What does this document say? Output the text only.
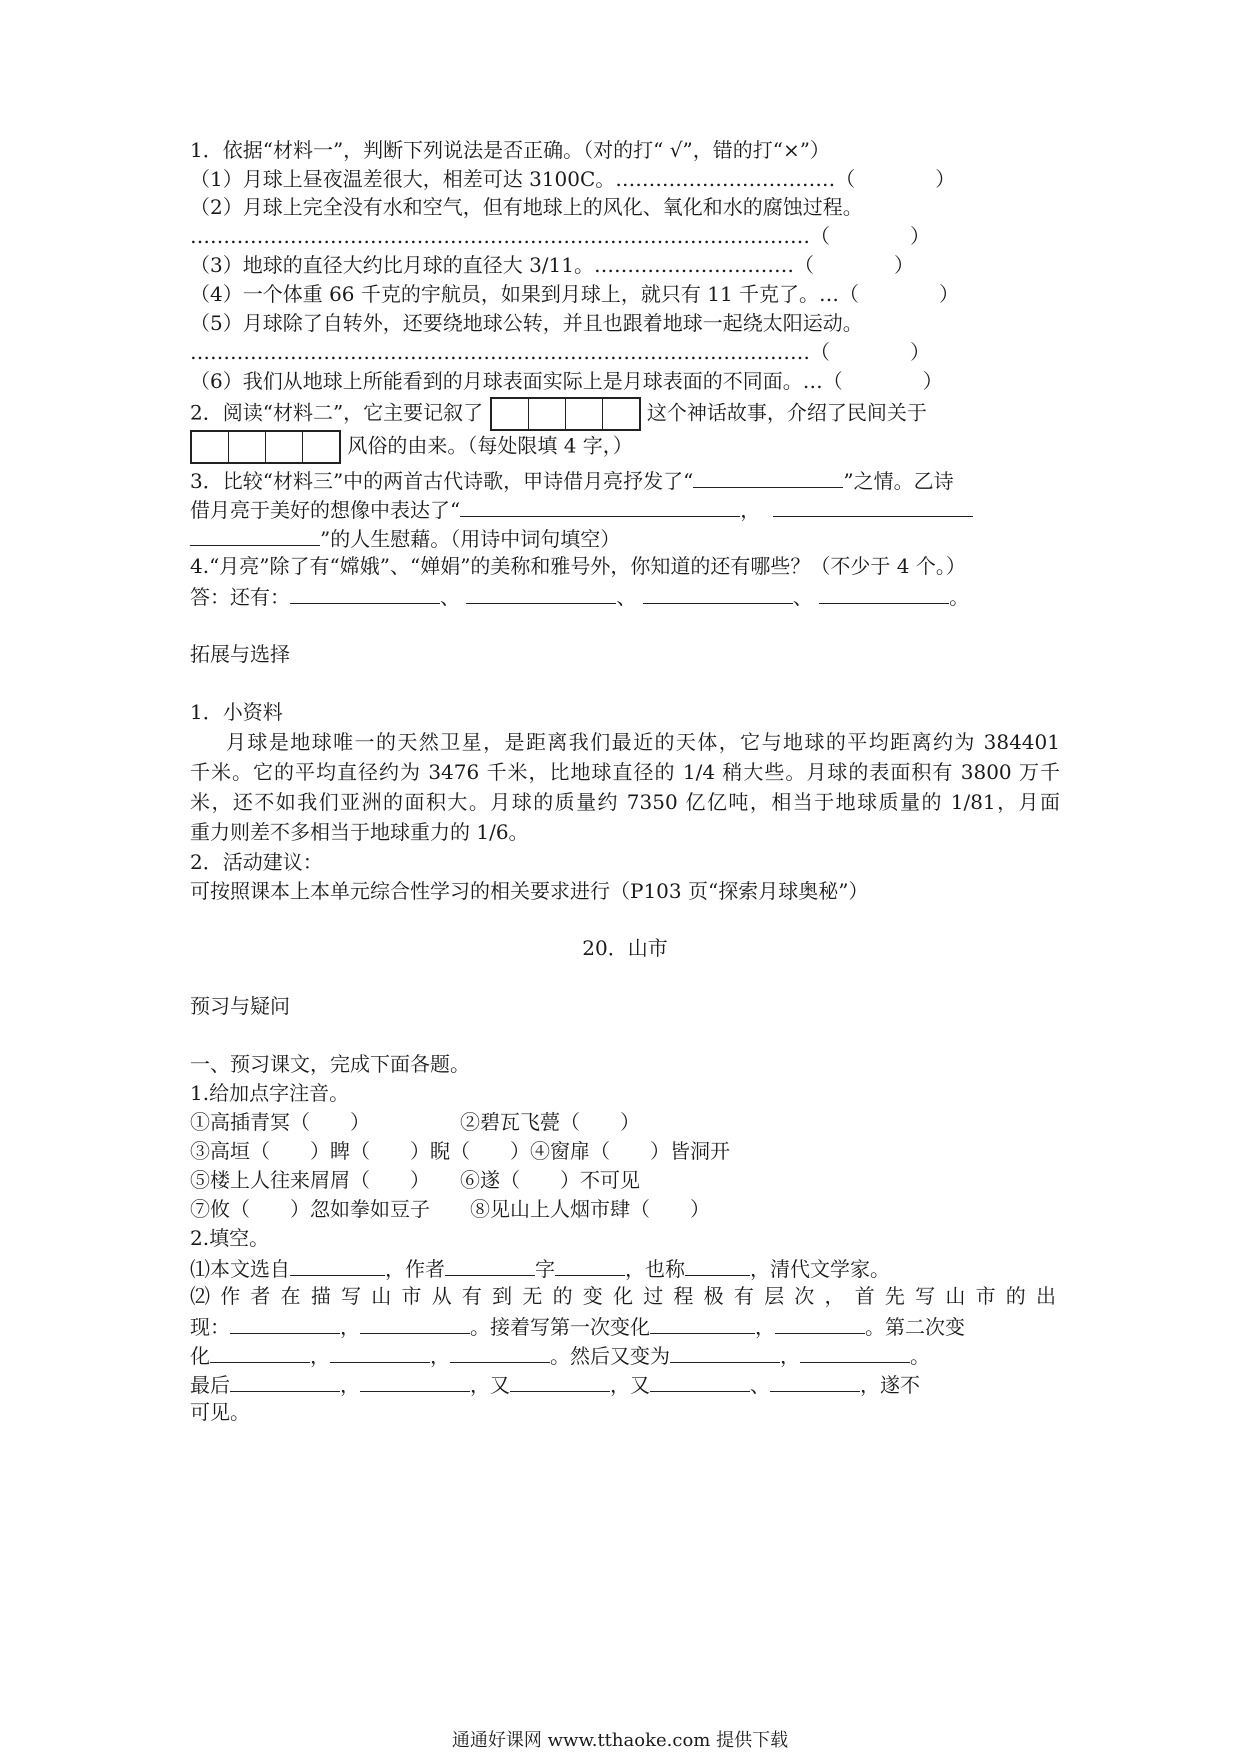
1．依据“材料一”，判断下列说法是否正确。（对的打“ √”，错的打“×”）
（1）月球上昼夜温差很大，相差可达 3100C。……………………………（　　　　）
（2）月球上完全没有水和空气，但有地球上的风化、氧化和水的腐蚀过程。
…………………………………………………………………………………（　　　　）
（3）地球的直径大约比月球的直径大 3/11。…………………………（　　　　）
（4）一个体重 66 千克的宇航员，如果到月球上，就只有 11 千克了。…（　　　　）
（5）月球除了自转外，还要绕地球公转，并且也跟着地球一起绕太阳运动。
…………………………………………………………………………………（　　　　）
（6）我们从地球上所能看到的月球表面实际上是月球表面的不同面。…（　　　　）
2．阅读“材料二”，它主要记叙了	这个神话故事，介绍了民间关于
风俗的由来。（每处限填 4 字，）
3．比较“材料三”中的两首古代诗歌，甲诗借月亮抒发了“	”之情。乙诗
借月亮于美好的想像中表达了“	，
”的人生慰藉。（用诗中词句填空）
4.“月亮”除了有“嫦娥”、“婵娟”的美称和雅号外，你知道的还有哪些？（不少于 4 个。）
答：还有：	、	、	、	。
拓展与选择
1．小资料
月球是地球唯一的天然卫星，是距离我们最近的天体，它与地球的平均距离约为 384401
千米。它的平均直径约为 3476 千米，比地球直径的 1/4 稍大些。月球的表面积有 3800 万千
米，还不如我们亚洲的面积大。月球的质量约 7350 亿亿吨，相当于地球质量的 1/81，月面
重力则差不多相当于地球重力的 1/6。
2．活动建议：
可按照课本上本单元综合性学习的相关要求进行（P103 页“探索月球奥秘”）
20．山市
预习与疑问
一、预习课文，完成下面各题。
1.给加点字注音。
①高插青冥（　　）　　　　　②碧瓦飞甍（　　）
③高垣（　　）睥（　　）睨（　　）④窗扉（　　）皆洞开
⑤楼上人往来屑屑（　　）　　⑥遂（　　）不可见
⑦攸（　　）忽如拳如豆子　　⑧见山上人烟市肆（　　）
2.填空。
⑴本文选自	，作者	字	，也称	，清代文学家。
⑵作者在描写山市从有到无的变化过程极有层次，首先写山市的出
现：	，	。接着写第一次变化	，	。第二次变
化	，	，	。然后又变为	，	。
最后	，	，又	，又	、	，遂不
可见。
通通好课网 www.tthaoke.com 提供下载
